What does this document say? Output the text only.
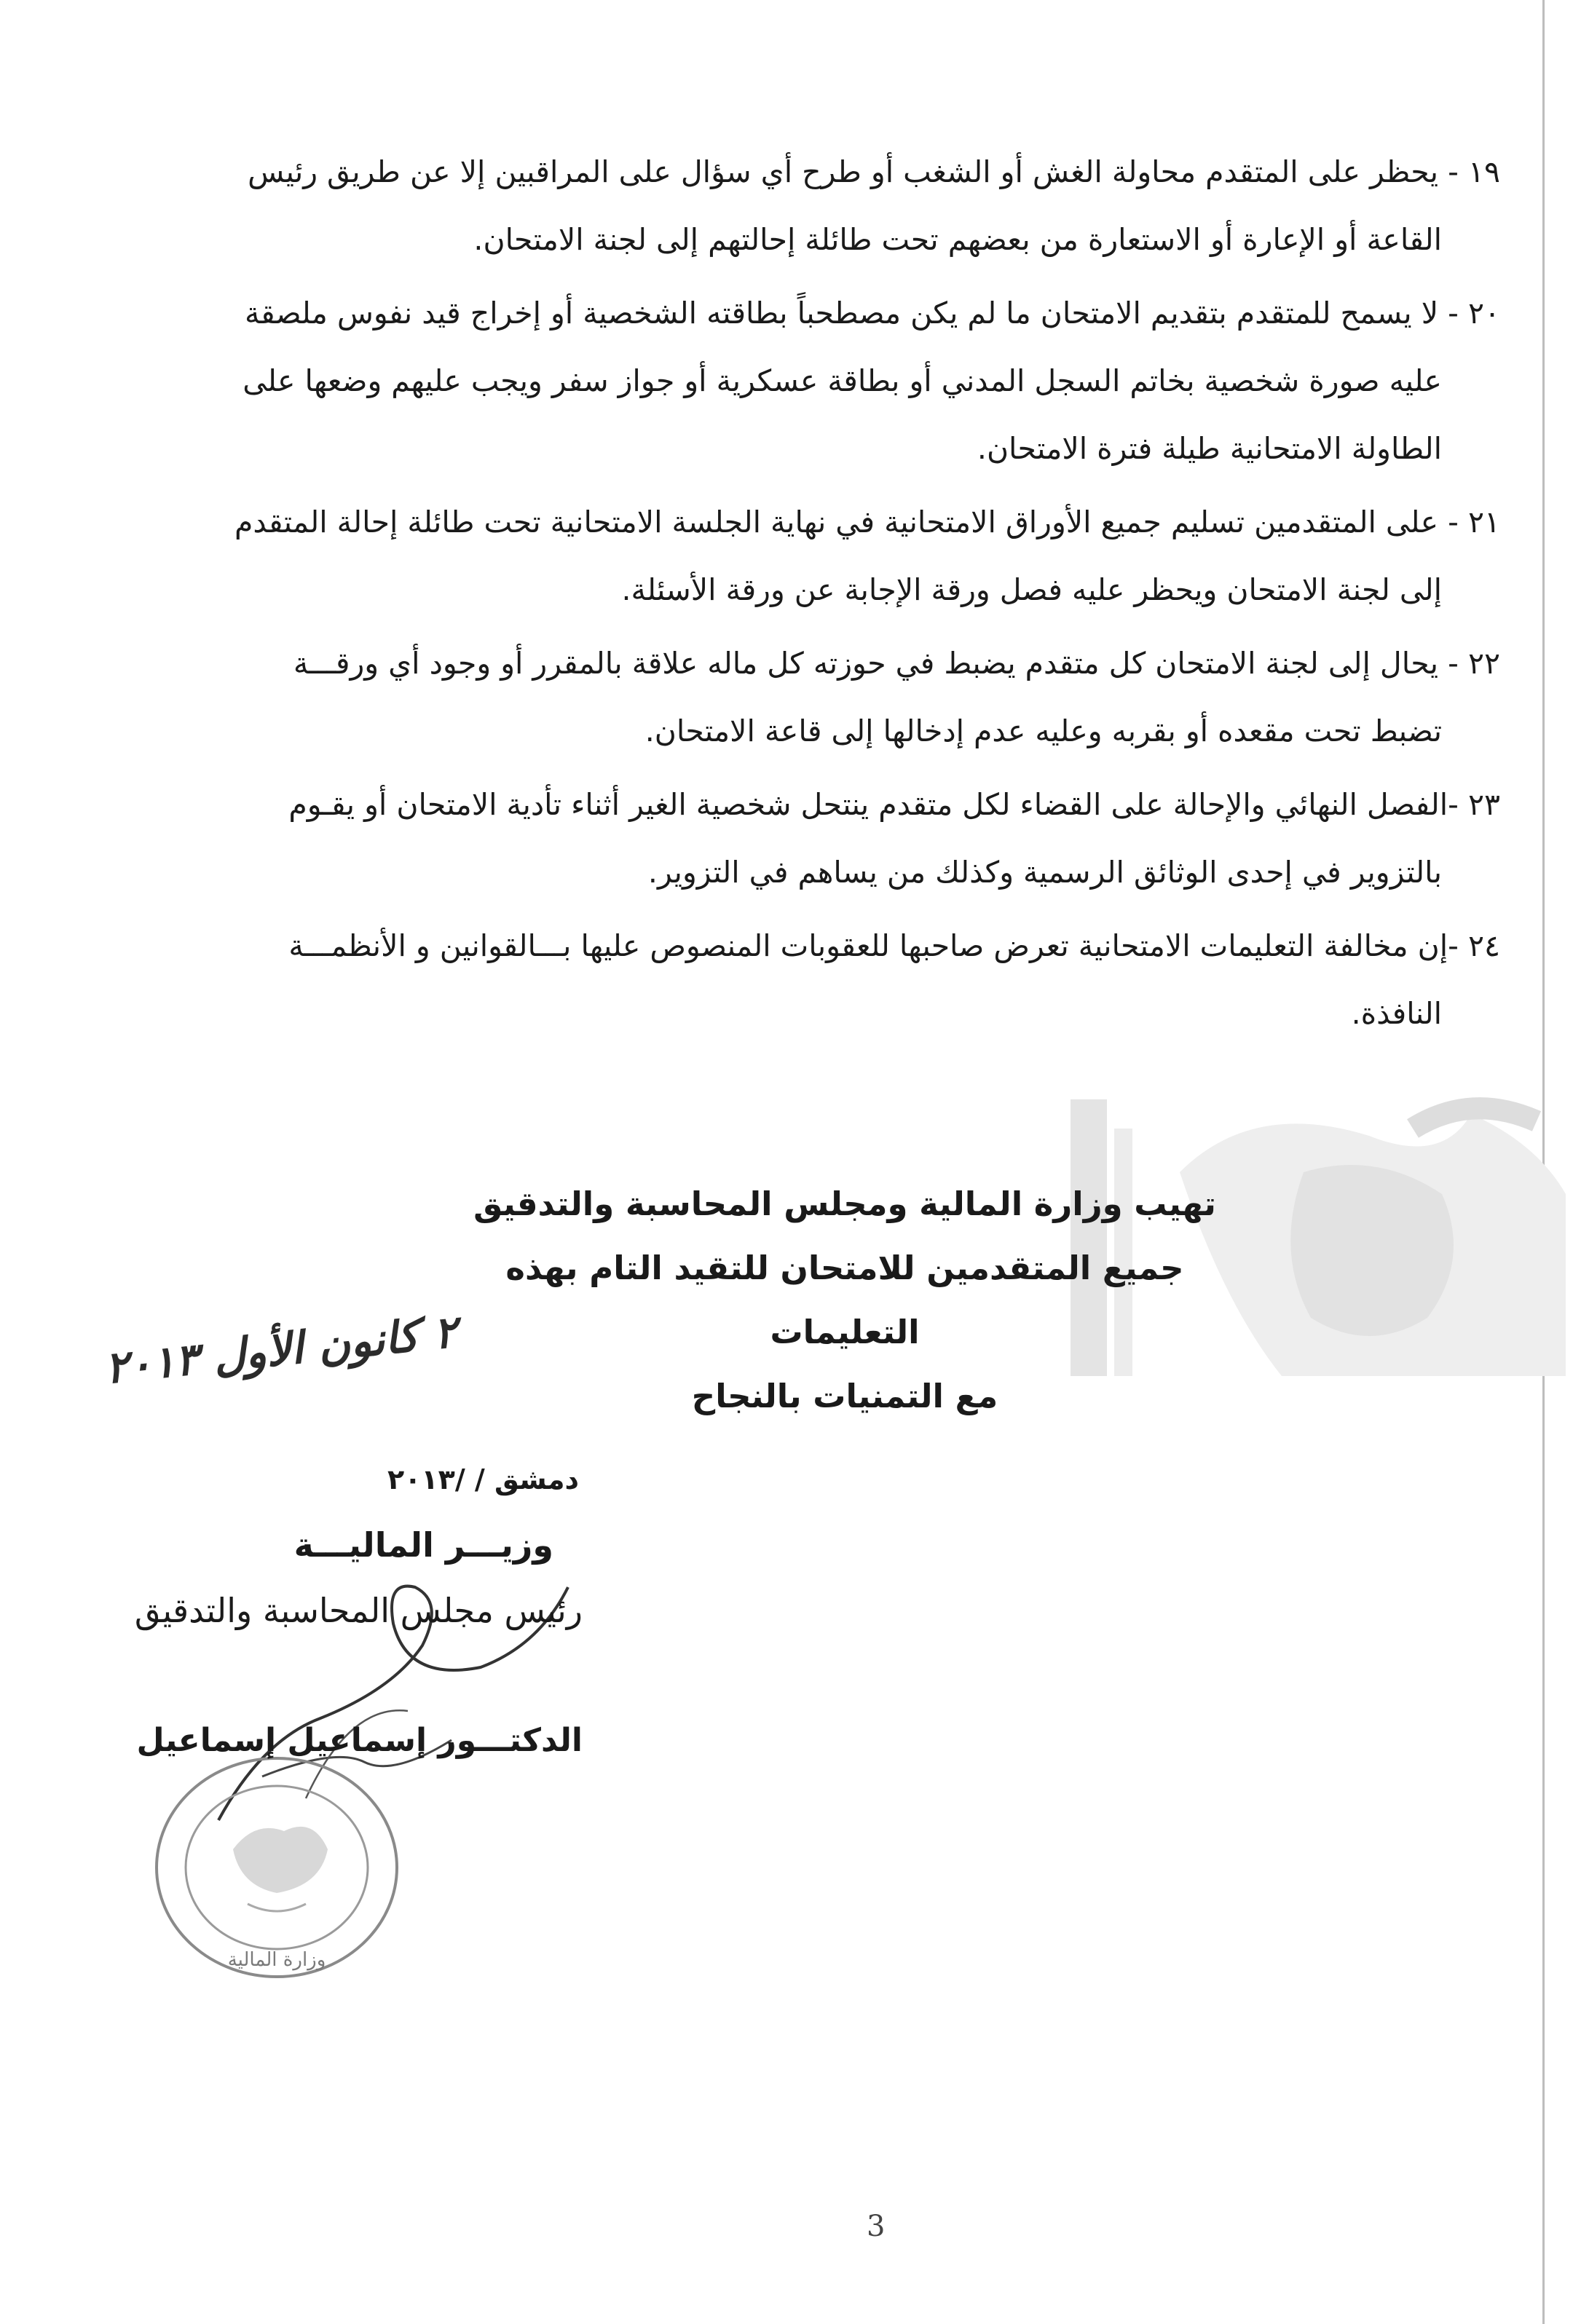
١٩ - يحظر على المتقدم محاولة الغش أو الشغب أو طرح أي سؤال على المراقبين إلا عن طريق رئيس

القاعة أو الإعارة أو الاستعارة من بعضهم تحت طائلة إحالتهم إلى لجنة الامتحان.

٢٠ - لا يسمح للمتقدم بتقديم الامتحان ما لم يكن مصطحباً بطاقته الشخصية أو إخراج قيد نفوس ملصقة

عليه صورة شخصية بخاتم السجل المدني أو بطاقة عسكرية أو جواز سفر ويجب عليهم وضعها على

الطاولة الامتحانية طيلة فترة الامتحان.

٢١ - على المتقدمين تسليم جميع الأوراق الامتحانية في نهاية الجلسة الامتحانية تحت طائلة إحالة المتقدم

إلى لجنة الامتحان ويحظر عليه فصل ورقة الإجابة عن ورقة الأسئلة.

٢٢ - يحال إلى لجنة الامتحان كل متقدم يضبط في حوزته كل ماله علاقة بالمقرر أو وجود أي ورقـــة

تضبط تحت مقعده أو بقربه وعليه عدم إدخالها إلى قاعة الامتحان.

٢٣ -الفصل النهائي والإحالة على القضاء لكل متقدم ينتحل شخصية الغير أثناء تأدية الامتحان أو يقـوم

بالتزوير في إحدى الوثائق الرسمية وكذلك من يساهم في التزوير.

٢٤ -إن مخالفة التعليمات الامتحانية تعرض صاحبها للعقوبات المنصوص عليها بـــالقوانين و الأنظمـــة

النافذة.

تهيب وزارة المالية ومجلس المحاسبة والتدقيق

جميع المتقدمين للامتحان للتقيد التام بهذه التعليمات

مع التمنيات بالنجاح

٢ كانون الأول ٢٠١٣
وزارة المالية

دمشق / /٢٠١٣

وزيـــر الماليـــة

رئيس مجلس المحاسبة والتدقيق

الدكتـــور إسماعيل إسماعيل

3
